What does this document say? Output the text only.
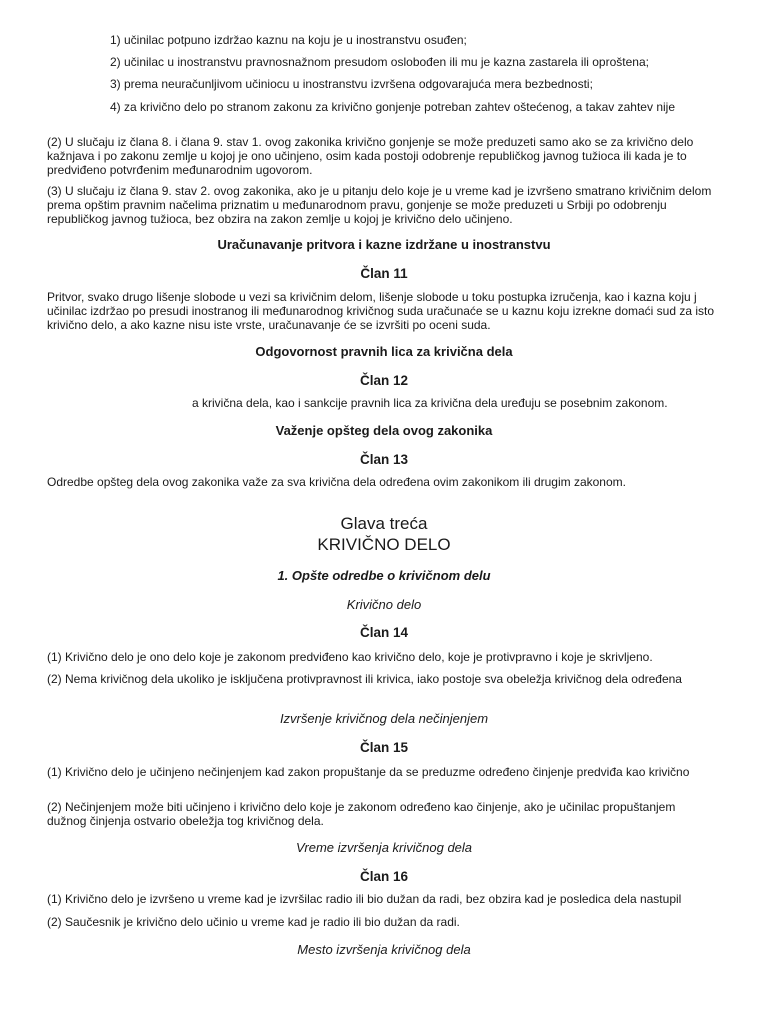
1) učinilac potpuno izdržao kaznu na koju je u inostranstvu osuđen;
2) učinilac u inostranstvu pravnosnažnom presudom oslobođen ili mu je kazna zastarela ili oproštena;
3) prema neuračunljivom učiniocu u inostranstvu izvršena odgovarajuća mera bezbednosti;
4) za krivično delo po stranom zakonu za krivično gonjenje potreban zahtev oštećenog, a takav zahtev nije
(2) U slučaju iz člana 8. i člana 9. stav 1. ovog zakonika krivično gonjenje se može preduzeti samo ako se za krivično delo kažnjava i po zakonu zemlje u kojoj je ono učinjeno, osim kada postoji odobrenje republičkog javnog tužioca ili kada je to predviđeno potvrđenim međunarodnim ugovorom.
(3) U slučaju iz člana 9. stav 2. ovog zakonika, ako je u pitanju delo koje je u vreme kad je izvršeno smatrano krivičnim delom prema opštim pravnim načelima priznatim u međunarodnom pravu, gonjenje se može preduzeti u Srbiji po odobrenju republičkog javnog tužioca, bez obzira na zakon zemlje u kojoj je krivično delo učinjeno.
Uračunavanje pritvora i kazne izdržane u inostranstvu
Član 11
Pritvor, svako drugo lišenje slobode u vezi sa krivičnim delom, lišenje slobode u toku postupka izručenja, kao i kazna koju j učinilac izdržao po presudi inostranog ili međunarodnog krivičnog suda uračunaće se u kaznu koju izrekne domaći sud za isto krivično delo, a ako kazne nisu iste vrste, uračunavanje će se izvršiti po oceni suda.
Odgovornost pravnih lica za krivična dela
Član 12
a krivična dela, kao i sankcije pravnih lica za krivična dela uređuju se posebnim zakonom.
Važenje opšteg dela ovog zakonika
Član 13
Odredbe opšteg dela ovog zakonika važe za sva krivična dela određena ovim zakonikom ili drugim zakonom.
Glava treća
KRIVIČNO DELO
1. Opšte odredbe o krivičnom delu
Krivično delo
Član 14
(1) Krivično delo je ono delo koje je zakonom predviđeno kao krivično delo, koje je protivpravno i koje je skrivljeno.
(2) Nema krivičnog dela ukoliko je isključena protivpravnost ili krivica, iako postoje sva obeležja krivičnog dela određena
Izvršenje krivičnog dela nečinjenjem
Član 15
(1) Krivično delo je učinjeno nečinjenjem kad zakon propuštanje da se preduzme određeno činjenje predviđa kao krivično
(2) Nečinjenjem može biti učinjeno i krivično delo koje je zakonom određeno kao činjenje, ako je učinilac propuštanjem dužnog činjenja ostvario obeležja tog krivičnog dela.
Vreme izvršenja krivičnog dela
Član 16
(1) Krivično delo je izvršeno u vreme kad je izvršilac radio ili bio dužan da radi, bez obzira kad je posledica dela nastupil
(2) Saučesnik je krivično delo učinio u vreme kad je radio ili bio dužan da radi.
Mesto izvršenja krivičnog dela
